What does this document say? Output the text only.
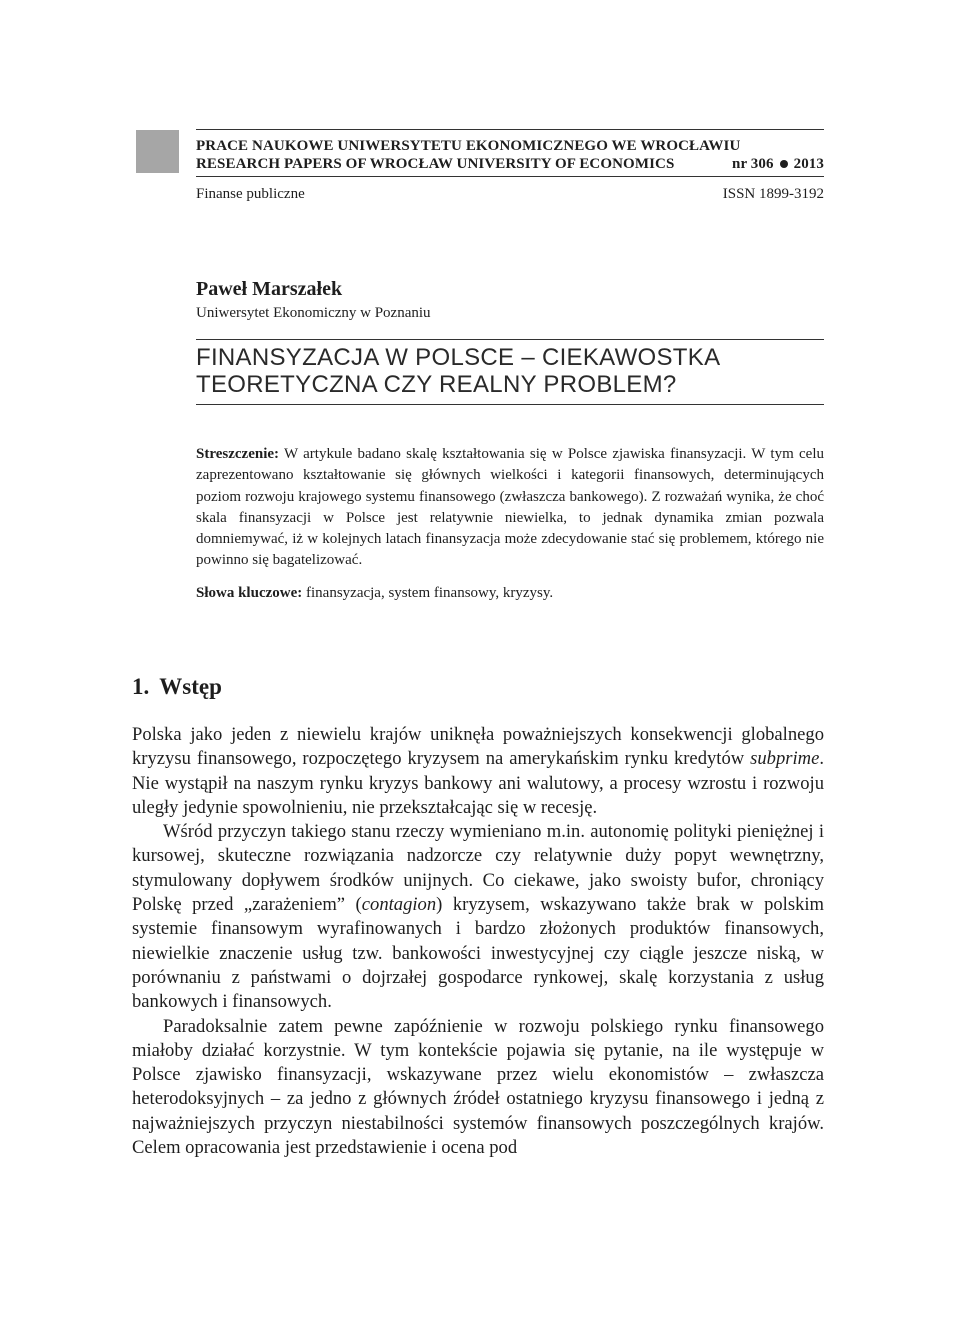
PRACE NAUKOWE UNIWERSYTETU EKONOMICZNEGO WE WROCŁAWIU
RESEARCH PAPERS OF WROCŁAW UNIVERSITY OF ECONOMICS	nr 306 2013
Finanse publiczne	ISSN 1899-3192
Paweł Marszałek
Uniwersytet Ekonomiczny w Poznaniu
FINANSYZACJA W POLSCE – CIEKAWOSTKA
TEORETYCZNA CZY REALNY PROBLEM?
Streszczenie: W artykule badano skalę kształtowania się w Polsce zjawiska finansyzacji. W tym celu zaprezentowano kształtowanie się głównych wielkości i kategorii finansowych, determinujących poziom rozwoju krajowego systemu finansowego (zwłaszcza bankowego). Z rozważań wynika, że choć skala finansyzacji w Polsce jest relatywnie niewielka, to jednak dynamika zmian pozwala domniemywać, iż w kolejnych latach finansyzacja może zdecydowanie stać się problemem, którego nie powinno się bagatelizować.
Słowa kluczowe: finansyzacja, system finansowy, kryzysy.
1. Wstęp

Polska jako jeden z niewielu krajów uniknęła poważniejszych konsekwencji globalnego kryzysu finansowego, rozpoczętego kryzysem na amerykańskim rynku kredytów subprime. Nie wystąpił na naszym rynku kryzys bankowy ani walutowy, a procesy wzrostu i rozwoju uległy jedynie spowolnieniu, nie przekształcając się w recesję.

Wśród przyczyn takiego stanu rzeczy wymieniano m.in. autonomię polityki pieniężnej i kursowej, skuteczne rozwiązania nadzorcze czy relatywnie duży popyt wewnętrzny, stymulowany dopływem środków unijnych. Co ciekawe, jako swoisty bufor, chroniący Polskę przed „zarażeniem” (contagion) kryzysem, wskazywano także brak w polskim systemie finansowym wyrafinowanych i bardzo złożonych produktów finansowych, niewielkie znaczenie usług tzw. bankowości inwestycyjnej czy ciągle jeszcze niską, w porównaniu z państwami o dojrzałej gospodarce rynkowej, skalę korzystania z usług bankowych i finansowych.

Paradoksalnie zatem pewne zapóźnienie w rozwoju polskiego rynku finansowego miałoby działać korzystnie. W tym kontekście pojawia się pytanie, na ile występuje w Polsce zjawisko finansyzacji, wskazywane przez wielu ekonomistów – zwłaszcza heterodoksyjnych – za jedno z głównych źródeł ostatniego kryzysu finansowego i jedną z najważniejszych przyczyn niestabilności systemów finansowych poszczególnych krajów. Celem opracowania jest przedstawienie i ocena pod
